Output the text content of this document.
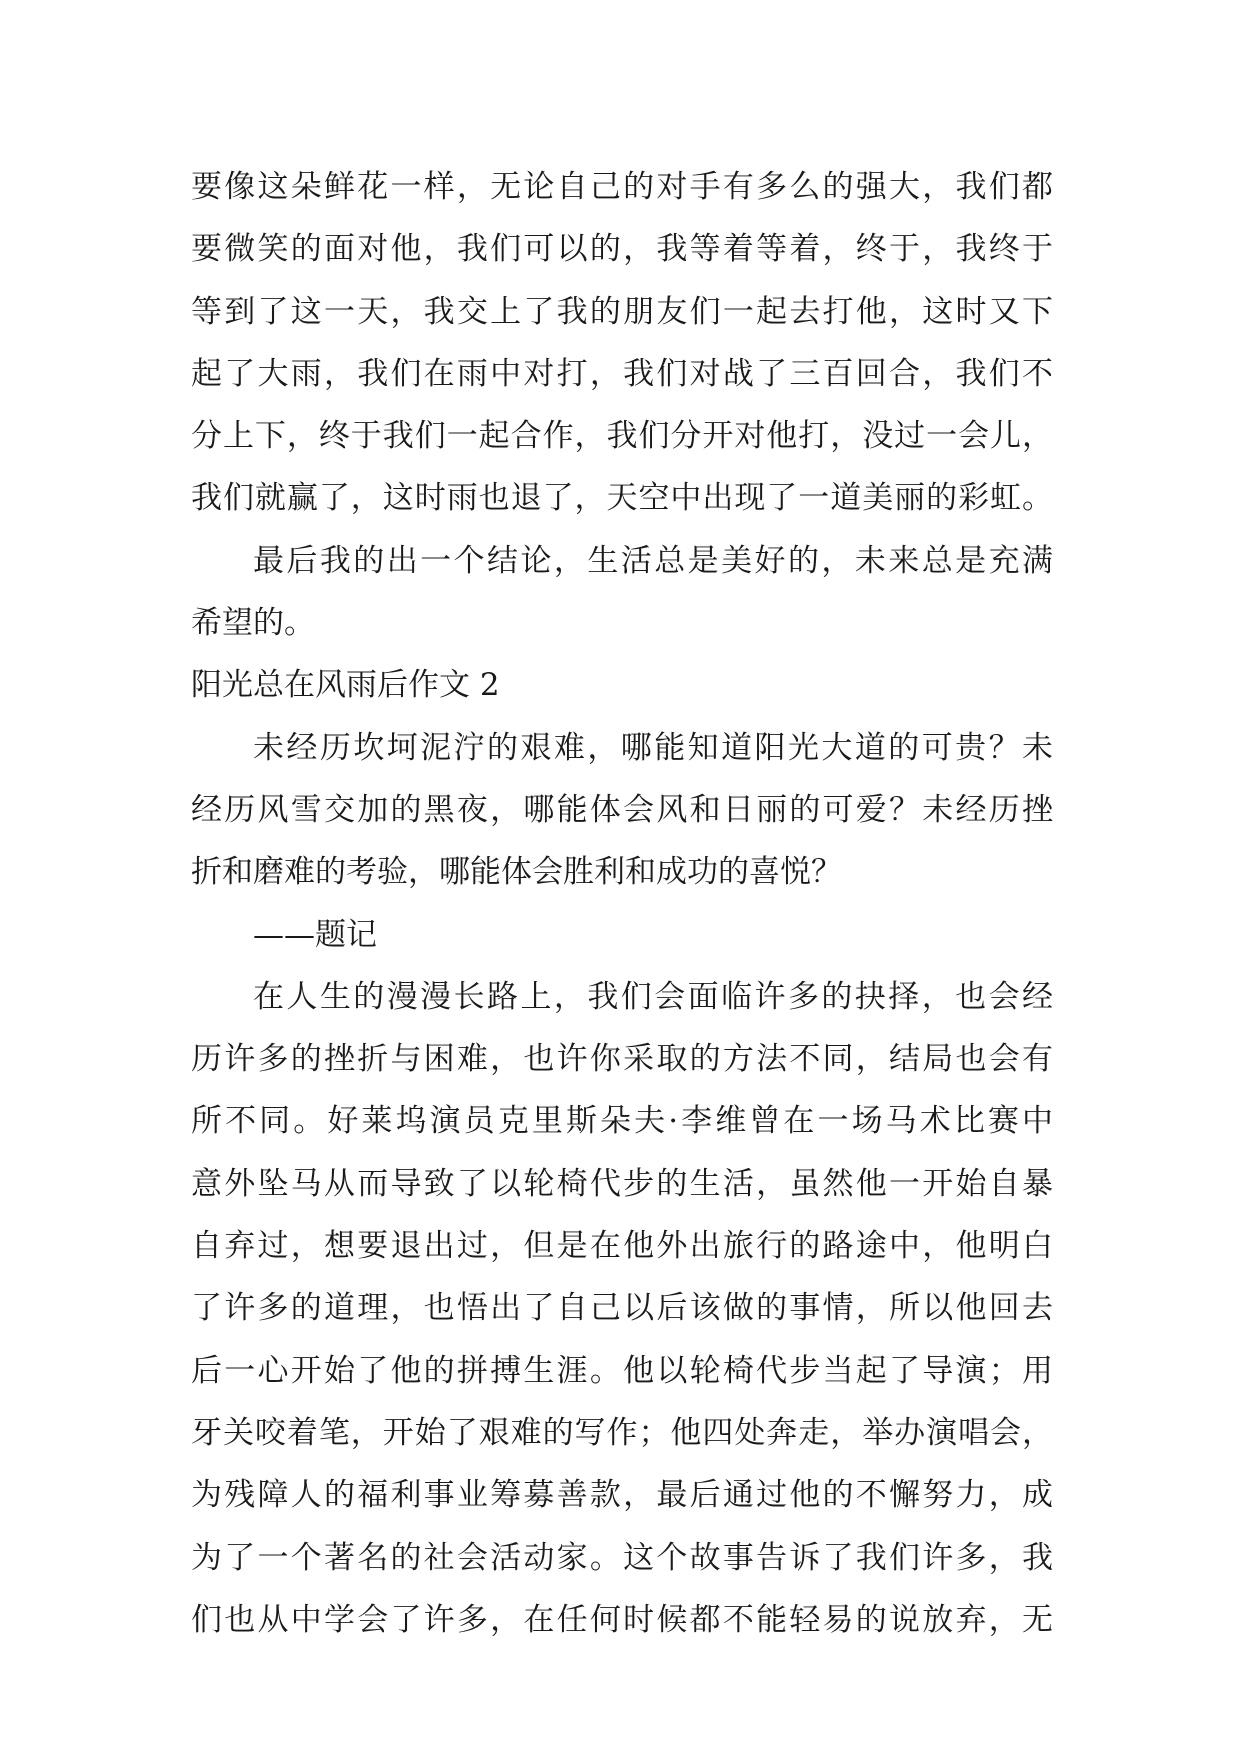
要像这朵鲜花一样，无论自己的对手有多么的强大，我们都
要微笑的面对他，我们可以的，我等着等着，终于，我终于
等到了这一天，我交上了我的朋友们一起去打他，这时又下
起了大雨，我们在雨中对打，我们对战了三百回合，我们不
分上下，终于我们一起合作，我们分开对他打，没过一会儿，
我们就赢了，这时雨也退了，天空中出现了一道美丽的彩虹。
最后我的出一个结论，生活总是美好的，未来总是充满
希望的。
阳光总在风雨后作文 2
未经历坎坷泥泞的艰难，哪能知道阳光大道的可贵？未
经历风雪交加的黑夜，哪能体会风和日丽的可爱？未经历挫
折和磨难的考验，哪能体会胜利和成功的喜悦？
——题记
在人生的漫漫长路上，我们会面临许多的抉择，也会经
历许多的挫折与困难，也许你采取的方法不同，结局也会有
所不同。好莱坞演员克里斯朵夫·李维曾在一场马术比赛中
意外坠马从而导致了以轮椅代步的生活，虽然他一开始自暴
自弃过，想要退出过，但是在他外出旅行的路途中，他明白
了许多的道理，也悟出了自己以后该做的事情，所以他回去
后一心开始了他的拼搏生涯。他以轮椅代步当起了导演；用
牙关咬着笔，开始了艰难的写作；他四处奔走，举办演唱会，
为残障人的福利事业筹募善款，最后通过他的不懈努力，成
为了一个著名的社会活动家。这个故事告诉了我们许多，我
们也从中学会了许多，在任何时候都不能轻易的说放弃，无
